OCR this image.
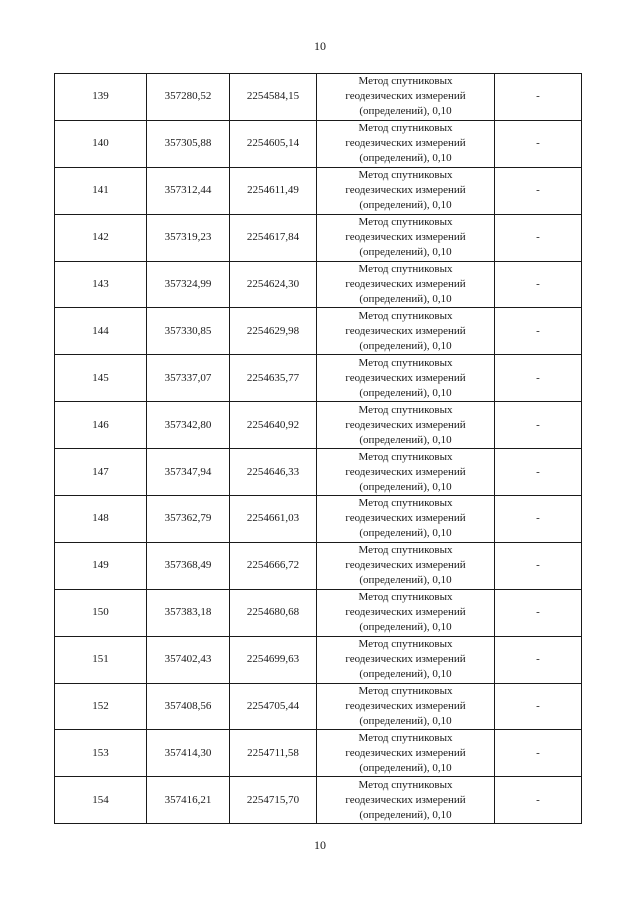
10
139	357280,52	2254584,15	Метод спутниковых
геодезических измерений
(определений), 0,10	-
140	357305,88	2254605,14	Метод спутниковых
геодезических измерений
(определений), 0,10	-
141	357312,44	2254611,49	Метод спутниковых
геодезических измерений
(определений), 0,10	-
142	357319,23	2254617,84	Метод спутниковых
геодезических измерений
(определений), 0,10	-
143	357324,99	2254624,30	Метод спутниковых
геодезических измерений
(определений), 0,10	-
144	357330,85	2254629,98	Метод спутниковых
геодезических измерений
(определений), 0,10	-
145	357337,07	2254635,77	Метод спутниковых
геодезических измерений
(определений), 0,10	-
146	357342,80	2254640,92	Метод спутниковых
геодезических измерений
(определений), 0,10	-
147	357347,94	2254646,33	Метод спутниковых
геодезических измерений
(определений), 0,10	-
148	357362,79	2254661,03	Метод спутниковых
геодезических измерений
(определений), 0,10	-
149	357368,49	2254666,72	Метод спутниковых
геодезических измерений
(определений), 0,10	-
150	357383,18	2254680,68	Метод спутниковых
геодезических измерений
(определений), 0,10	-
151	357402,43	2254699,63	Метод спутниковых
геодезических измерений
(определений), 0,10	-
152	357408,56	2254705,44	Метод спутниковых
геодезических измерений
(определений), 0,10	-
153	357414,30	2254711,58	Метод спутниковых
геодезических измерений
(определений), 0,10	-
154	357416,21	2254715,70	Метод спутниковых
геодезических измерений
(определений), 0,10	-
10
